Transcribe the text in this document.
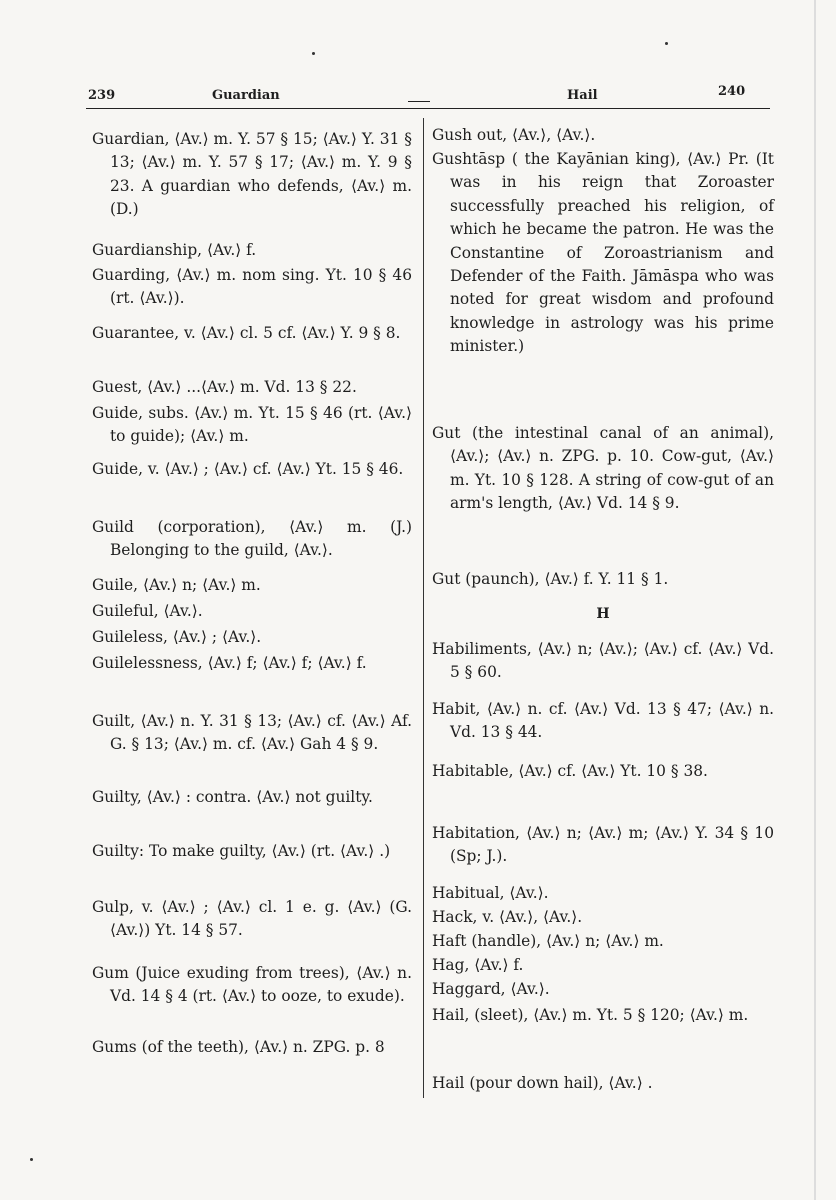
239	Guardian	Hail	240
Guardian, ⟨Av.⟩ m. Y. 57 § 15; ⟨Av.⟩ Y. 31 § 13; ⟨Av.⟩ m. Y. 57 § 17; ⟨Av.⟩ m. Y. 9 § 23. A guardian who defends, ⟨Av.⟩ m. (D.)
Guardianship, ⟨Av.⟩ f.
Guarding, ⟨Av.⟩ m. nom sing. Yt. 10 § 46 (rt. ⟨Av.⟩).
Guarantee, v. ⟨Av.⟩ cl. 5 cf. ⟨Av.⟩ Y. 9 § 8.
Guest, ⟨Av.⟩ ...⟨Av.⟩ m. Vd. 13 § 22.
Guide, subs. ⟨Av.⟩ m. Yt. 15 § 46 (rt. ⟨Av.⟩ to guide); ⟨Av.⟩ m.
Guide, v. ⟨Av.⟩ ; ⟨Av.⟩ cf. ⟨Av.⟩ Yt. 15 § 46.
Guild (corporation), ⟨Av.⟩ m. (J.) Belonging to the guild, ⟨Av.⟩.
Guile, ⟨Av.⟩ n; ⟨Av.⟩ m.
Guileful, ⟨Av.⟩.
Guileless, ⟨Av.⟩ ; ⟨Av.⟩.
Guilelessness, ⟨Av.⟩ f; ⟨Av.⟩ f; ⟨Av.⟩ f.
Guilt, ⟨Av.⟩ n. Y. 31 § 13; ⟨Av.⟩ cf. ⟨Av.⟩ Af. G. § 13; ⟨Av.⟩ m. cf. ⟨Av.⟩ Gah 4 § 9.
Guilty, ⟨Av.⟩ : contra. ⟨Av.⟩ not guilty.
Guilty: To make guilty, ⟨Av.⟩ (rt. ⟨Av.⟩ .)
Gulp, v. ⟨Av.⟩ ; ⟨Av.⟩ cl. 1 e. g. ⟨Av.⟩ (G. ⟨Av.⟩) Yt. 14 § 57.
Gum (Juice exuding from trees), ⟨Av.⟩ n. Vd. 14 § 4 (rt. ⟨Av.⟩ to ooze, to exude).
Gums (of the teeth), ⟨Av.⟩ n. ZPG. p. 8
Gush out, ⟨Av.⟩, ⟨Av.⟩.
Gushtāsp ( the Kayānian king), ⟨Av.⟩ Pr. (It was in his reign that Zoroaster successfully preached his religion, of which he became the patron. He was the Constantine of Zoroastrianism and Defender of the Faith. Jāmāspa who was noted for great wisdom and profound knowledge in astrology was his prime minister.)
Gut (the intestinal canal of an animal), ⟨Av.⟩; ⟨Av.⟩ n. ZPG. p. 10. Cow-gut, ⟨Av.⟩ m. Yt. 10 § 128. A string of cow-gut of an arm's length, ⟨Av.⟩ Vd. 14 § 9.
Gut (paunch), ⟨Av.⟩ f. Y. 11 § 1.
H
Habiliments, ⟨Av.⟩ n; ⟨Av.⟩; ⟨Av.⟩ cf. ⟨Av.⟩ Vd. 5 § 60.
Habit, ⟨Av.⟩ n. cf. ⟨Av.⟩ Vd. 13 § 47; ⟨Av.⟩ n. Vd. 13 § 44.
Habitable, ⟨Av.⟩ cf. ⟨Av.⟩ Yt. 10 § 38.
Habitation, ⟨Av.⟩ n; ⟨Av.⟩ m; ⟨Av.⟩ Y. 34 § 10 (Sp; J.).
Habitual, ⟨Av.⟩.
Hack, v. ⟨Av.⟩, ⟨Av.⟩.
Haft (handle), ⟨Av.⟩ n; ⟨Av.⟩ m.
Hag, ⟨Av.⟩ f.
Haggard, ⟨Av.⟩.
Hail, (sleet), ⟨Av.⟩ m. Yt. 5 § 120; ⟨Av.⟩ m.
Hail (pour down hail), ⟨Av.⟩ .
